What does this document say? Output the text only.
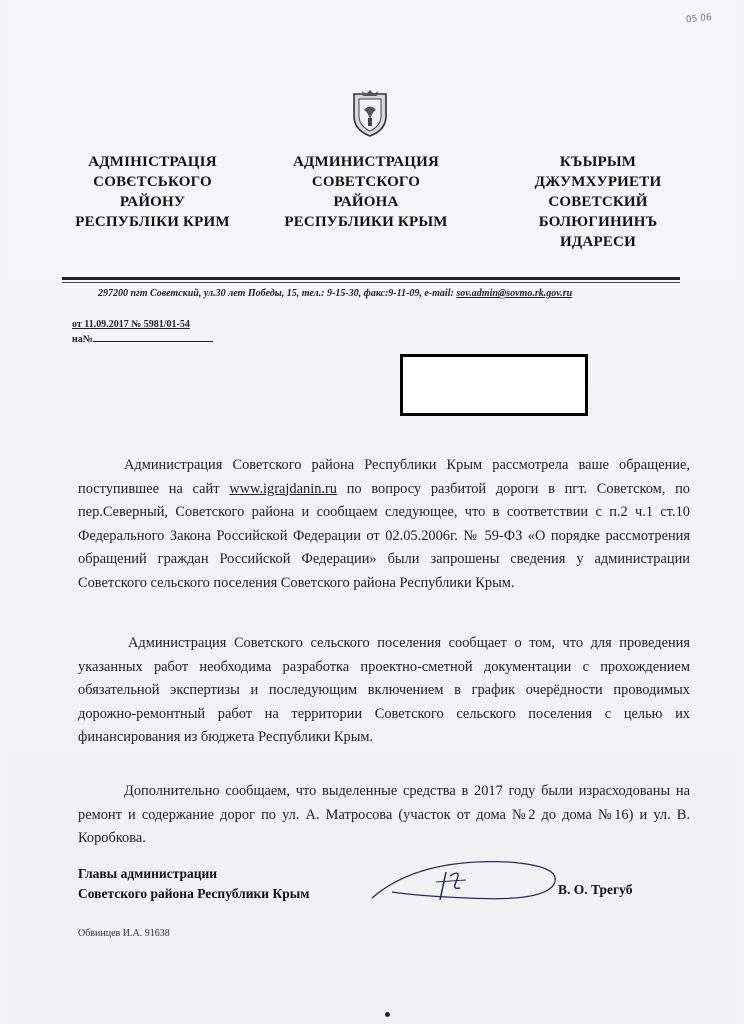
05 06
АДМІНІСТРАЦІЯ
СОВЄТСЬКОГО
РАЙОНУ
РЕСПУБЛІКИ КРИМ
АДМИНИСТРАЦИЯ
СОВЕТСКОГО
РАЙОНА
РЕСПУБЛИКИ КРЫМ
КЪЫРЫМ
ДЖУМХУРИЕТИ
СОВЕТСКИЙ
БОЛЮГИНИНЪ
ИДАРЕСИ
297200 пгт Советский, ул.30 лет Победы, 15, тел.: 9-15-30, факс:9-11-09, e-mail: sov.admin@sovmo.rk.gov.ru
от 11.09.2017 № 5981/01-54
на№
Администрация Советского района Республики Крым рассмотрела ваше обращение, поступившее на сайт www.igrajdanin.ru по вопросу разбитой дороги в пгт. Советском, по пер.Северный, Советского района и сообщаем следующее, что в соответствии с п.2 ч.1 ст.10 Федерального Закона Российской Федерации от 02.05.2006г. № 59-ФЗ «О порядке рассмотрения обращений граждан Российской Федерации» были запрошены сведения у администрации Советского сельского поселения Советского района Республики Крым.
Администрация Советского сельского поселения сообщает о том, что для проведения указанных работ необходима разработка проектно-сметной документации с прохождением обязательной экспертизы и последующим включением в график очерёдности проводимых дорожно-ремонтный работ на территории Советского сельского поселения с целью их финансирования из бюджета Республики Крым.
Дополнительно сообщаем, что выделенные средства в 2017 году были израсходованы на ремонт и содержание дорог по ул. А. Матросова (участок от дома №2 до дома №16) и ул. В. Коробкова.
Главы администрации
Советского района Республики Крым	В. О. Трегуб
Обвинцев И.А. 91638
